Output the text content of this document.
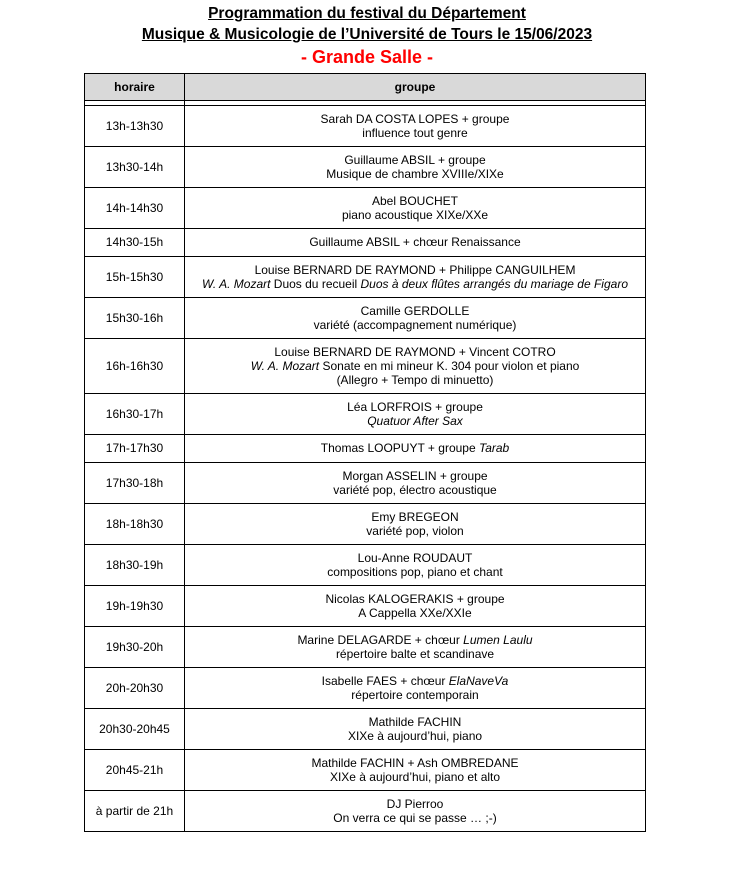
Programmation du festival du Département
Musique & Musicologie de l’Université de Tours le 15/06/2023
- Grande Salle -
horaire	groupe

13h-13h30	Sarah DA COSTA LOPES + groupe
influence tout genre

13h30-14h	Guillaume ABSIL + groupe
Musique de chambre XVIIIe/XIXe

14h-14h30	Abel BOUCHET
piano acoustique XIXe/XXe

14h30-15h	Guillaume ABSIL + chœur Renaissance

15h-15h30	Louise BERNARD DE RAYMOND + Philippe CANGUILHEM
W. A. Mozart Duos du recueil Duos à deux flûtes arrangés du mariage de Figaro

15h30-16h	Camille GERDOLLE
variété (accompagnement numérique)

16h-16h30	Louise BERNARD DE RAYMOND + Vincent COTRO
W. A. Mozart Sonate en mi mineur K. 304 pour violon et piano
(Allegro + Tempo di minuetto)

16h30-17h	Léa LORFROIS + groupe
Quatuor After Sax

17h-17h30	Thomas LOOPUYT + groupe Tarab

17h30-18h	Morgan ASSELIN + groupe
variété pop, électro acoustique

18h-18h30	Emy BREGEON
variété pop, violon

18h30-19h	Lou-Anne ROUDAUT
compositions pop, piano et chant

19h-19h30	Nicolas KALOGERAKIS + groupe
A Cappella XXe/XXIe

19h30-20h	Marine DELAGARDE + chœur Lumen Laulu
répertoire balte et scandinave

20h-20h30	Isabelle FAES + chœur ElaNaveVa
répertoire contemporain

20h30-20h45	Mathilde FACHIN
XIXe à aujourd’hui, piano

20h45-21h	Mathilde FACHIN + Ash OMBREDANE
XIXe à aujourd’hui, piano et alto

à partir de 21h	DJ Pierroo
On verra ce qui se passe … ;-)
